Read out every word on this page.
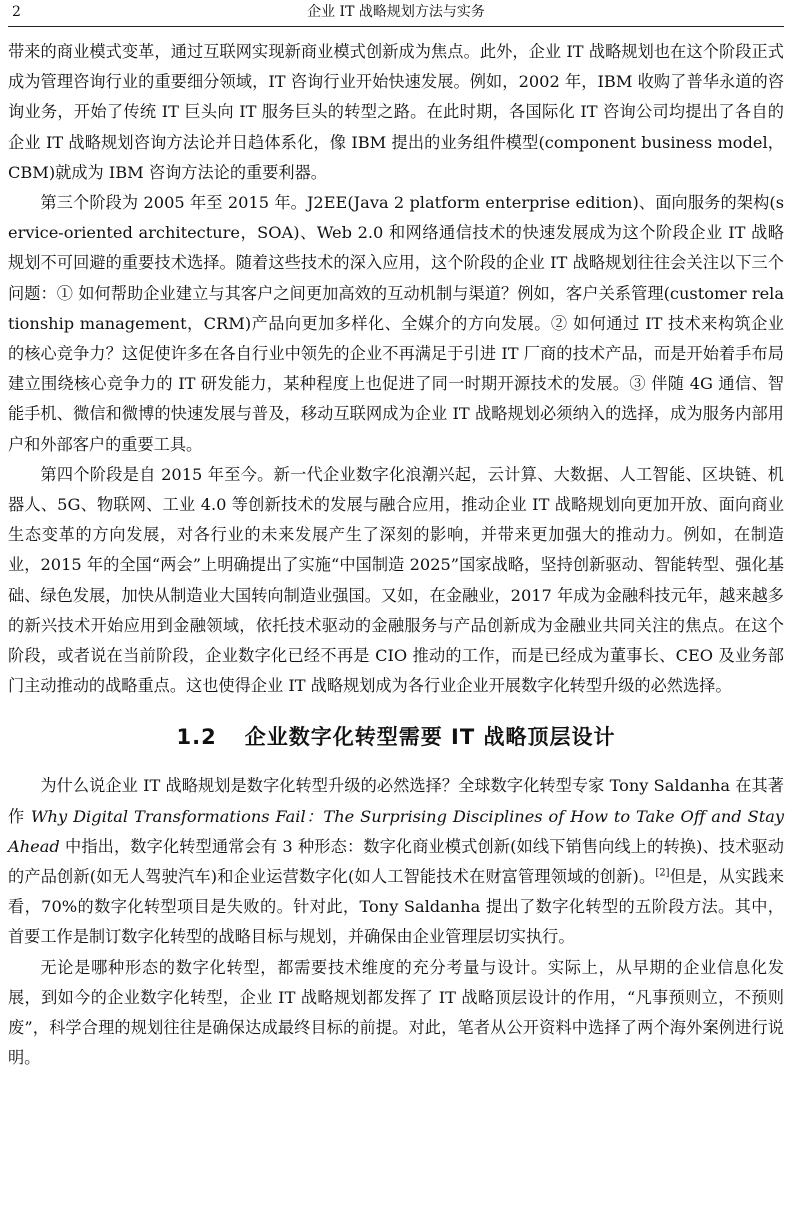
2	企业 IT 战略规划方法与实务

带来的商业模式变革，通过互联网实现新商业模式创新成为焦点。此外，企业 IT 战略规划也在这个阶段正式成为管理咨询行业的重要细分领域，IT 咨询行业开始快速发展。例如，2002 年，IBM 收购了普华永道的咨询业务，开始了传统 IT 巨头向 IT 服务巨头的转型之路。在此时期，各国际化 IT 咨询公司均提出了各自的企业 IT 战略规划咨询方法论并日趋体系化，像 IBM 提出的业务组件模型(component business model，CBM)就成为 IBM 咨询方法论的重要利器。

第三个阶段为 2005 年至 2015 年。J2EE(Java 2 platform enterprise edition)、面向服务的架构(service-oriented architecture，SOA)、Web 2.0 和网络通信技术的快速发展成为这个阶段企业 IT 战略规划不可回避的重要技术选择。随着这些技术的深入应用，这个阶段的企业 IT 战略规划往往会关注以下三个问题：① 如何帮助企业建立与其客户之间更加高效的互动机制与渠道？例如，客户关系管理(customer relationship management，CRM)产品向更加多样化、全媒介的方向发展。② 如何通过 IT 技术来构筑企业的核心竞争力？这促使许多在各自行业中领先的企业不再满足于引进 IT 厂商的技术产品，而是开始着手布局建立围绕核心竞争力的 IT 研发能力，某种程度上也促进了同一时期开源技术的发展。③ 伴随 4G 通信、智能手机、微信和微博的快速发展与普及，移动互联网成为企业 IT 战略规划必须纳入的选择，成为服务内部用户和外部客户的重要工具。

第四个阶段是自 2015 年至今。新一代企业数字化浪潮兴起，云计算、大数据、人工智能、区块链、机器人、5G、物联网、工业 4.0 等创新技术的发展与融合应用，推动企业 IT 战略规划向更加开放、面向商业生态变革的方向发展，对各行业的未来发展产生了深刻的影响，并带来更加强大的推动力。例如，在制造业，2015 年的全国“两会”上明确提出了实施“中国制造 2025”国家战略，坚持创新驱动、智能转型、强化基础、绿色发展，加快从制造业大国转向制造业强国。又如，在金融业，2017 年成为金融科技元年，越来越多的新兴技术开始应用到金融领域，依托技术驱动的金融服务与产品创新成为金融业共同关注的焦点。在这个阶段，或者说在当前阶段，企业数字化已经不再是 CIO 推动的工作，而是已经成为董事长、CEO 及业务部门主动推动的战略重点。这也使得企业 IT 战略规划成为各行业企业开展数字化转型升级的必然选择。

1.2 企业数字化转型需要 IT 战略顶层设计

为什么说企业 IT 战略规划是数字化转型升级的必然选择？全球数字化转型专家 Tony Saldanha 在其著作 Why Digital Transformations Fail：The Surprising Disciplines of How to Take Off and Stay Ahead 中指出，数字化转型通常会有 3 种形态：数字化商业模式创新(如线下销售向线上的转换)、技术驱动的产品创新(如无人驾驶汽车)和企业运营数字化(如人工智能技术在财富管理领域的创新)。[2]但是，从实践来看，70%的数字化转型项目是失败的。针对此，Tony Saldanha 提出了数字化转型的五阶段方法。其中，首要工作是制订数字化转型的战略目标与规划，并确保由企业管理层切实执行。

无论是哪种形态的数字化转型，都需要技术维度的充分考量与设计。实际上，从早期的企业信息化发展，到如今的企业数字化转型，企业 IT 战略规划都发挥了 IT 战略顶层设计的作用，“凡事预则立，不预则废”，科学合理的规划往往是确保达成最终目标的前提。对此，笔者从公开资料中选择了两个海外案例进行说明。
